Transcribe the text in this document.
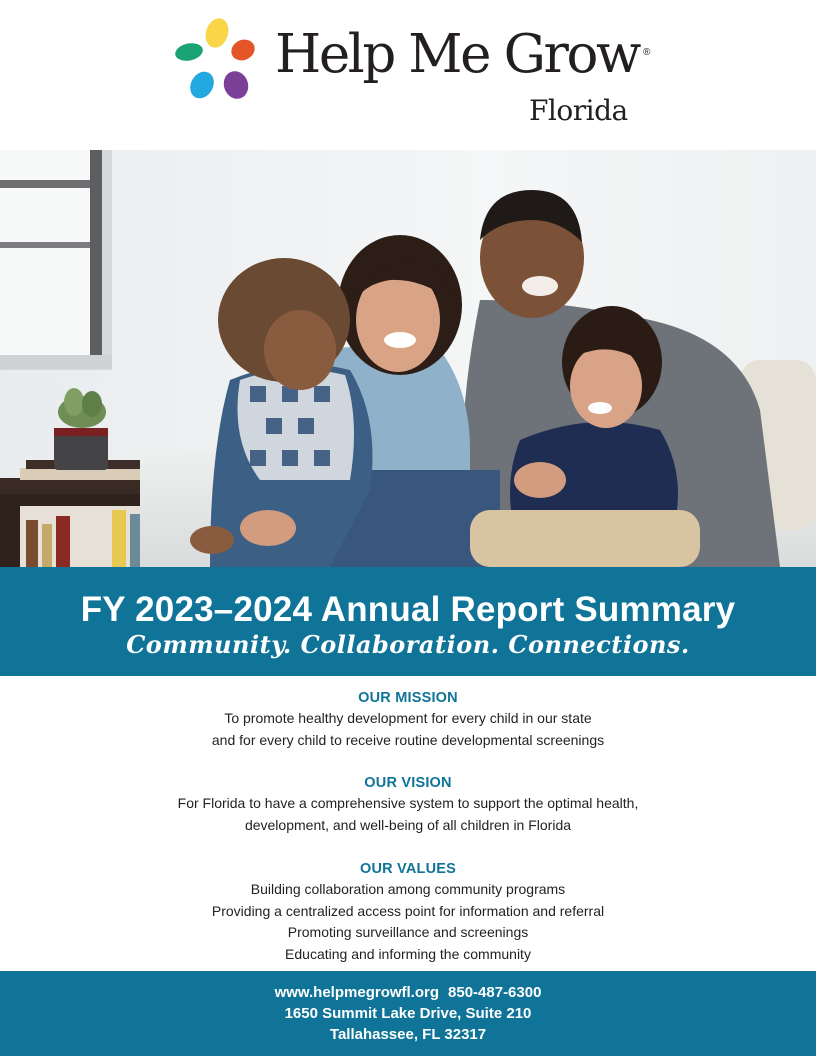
Help Me Grow ®

Florida

FY 2023–2024 Annual Report Summary

Community. Collaboration. Connections.

OUR MISSION

To promote healthy development for every child in our state

and for every child to receive routine developmental screenings

OUR VISION

For Florida to have a comprehensive system to support the optimal health,

development, and well-being of all children in Florida

OUR VALUES

Building collaboration among community programs

Providing a centralized access point for information and referral

Promoting surveillance and screenings

Educating and informing the community

www.helpmegrowfl.org 850-487-6300

1650 Summit Lake Drive, Suite 210

Tallahassee, FL 32317
